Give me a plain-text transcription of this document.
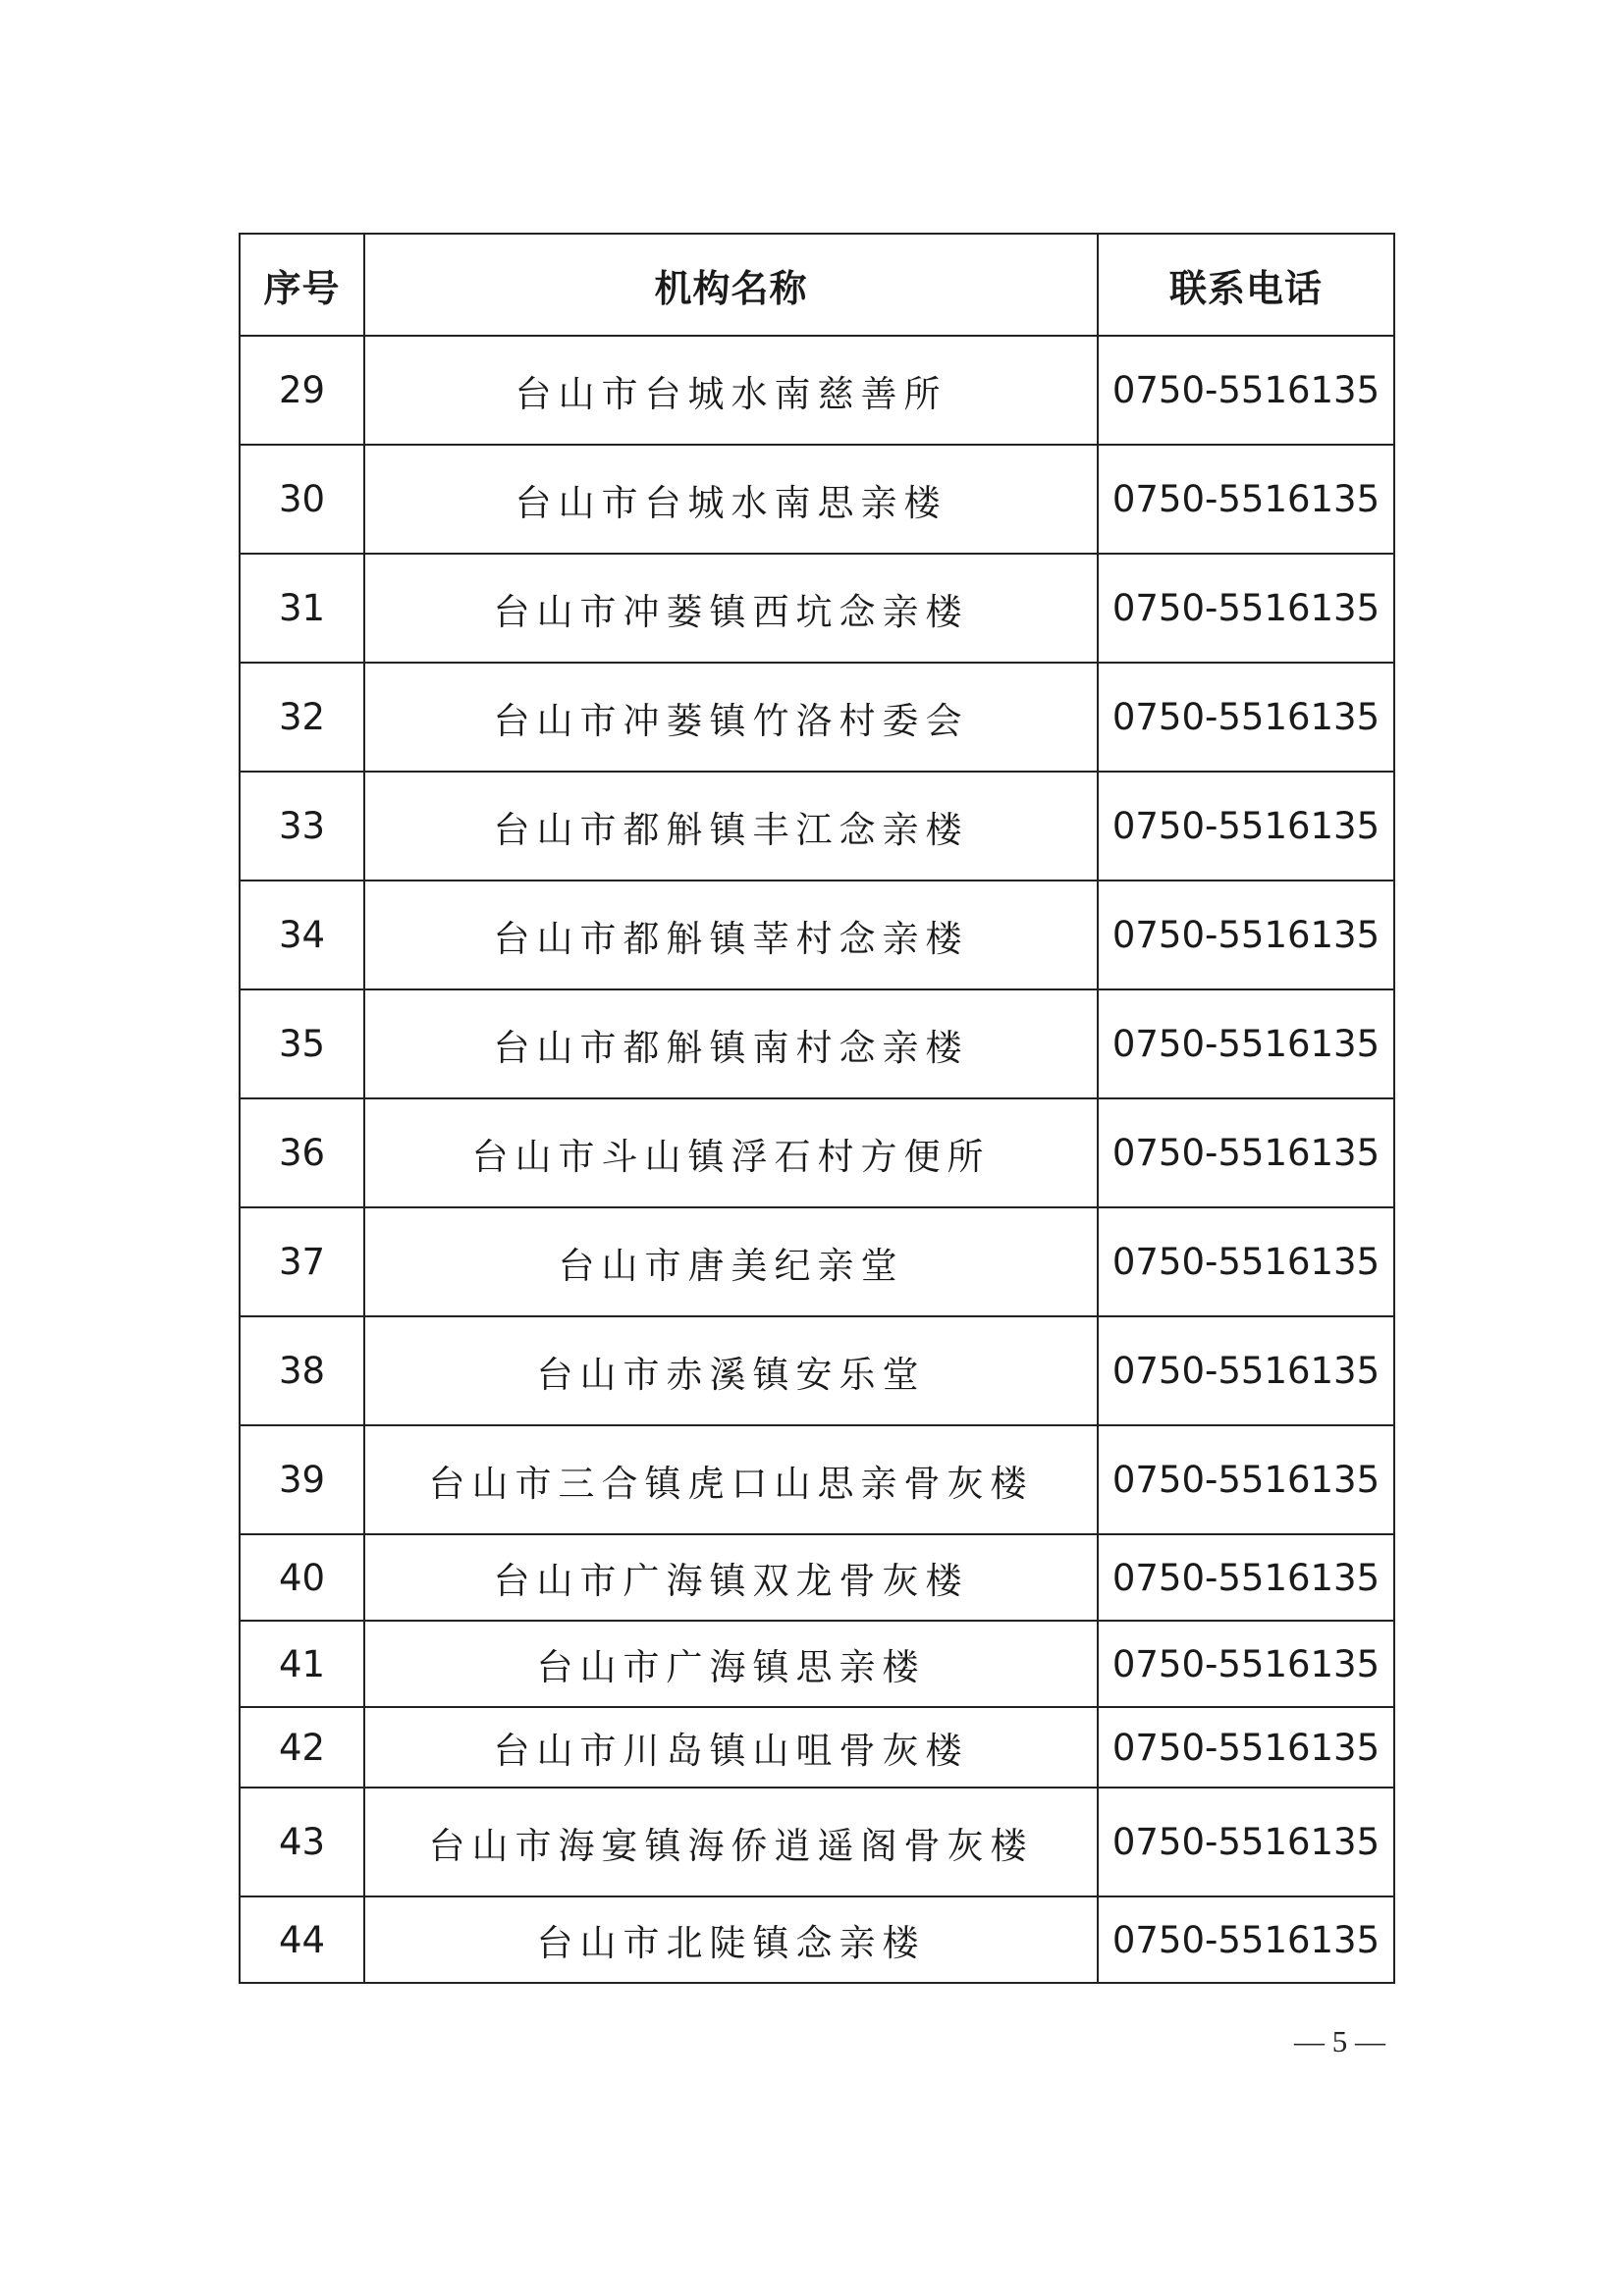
序号	机构名称	联系电话
29	台山市台城水南慈善所	0750-5516135
30	台山市台城水南思亲楼	0750-5516135
31	台山市冲蒌镇西坑念亲楼	0750-5516135
32	台山市冲蒌镇竹洛村委会	0750-5516135
33	台山市都斛镇丰江念亲楼	0750-5516135
34	台山市都斛镇莘村念亲楼	0750-5516135
35	台山市都斛镇南村念亲楼	0750-5516135
36	台山市斗山镇浮石村方便所	0750-5516135
37	台山市唐美纪亲堂	0750-5516135
38	台山市赤溪镇安乐堂	0750-5516135
39	台山市三合镇虎口山思亲骨灰楼	0750-5516135
40	台山市广海镇双龙骨灰楼	0750-5516135
41	台山市广海镇思亲楼	0750-5516135
42	台山市川岛镇山咀骨灰楼	0750-5516135
43	台山市海宴镇海侨逍遥阁骨灰楼	0750-5516135
44	台山市北陡镇念亲楼	0750-5516135
— 5 —
